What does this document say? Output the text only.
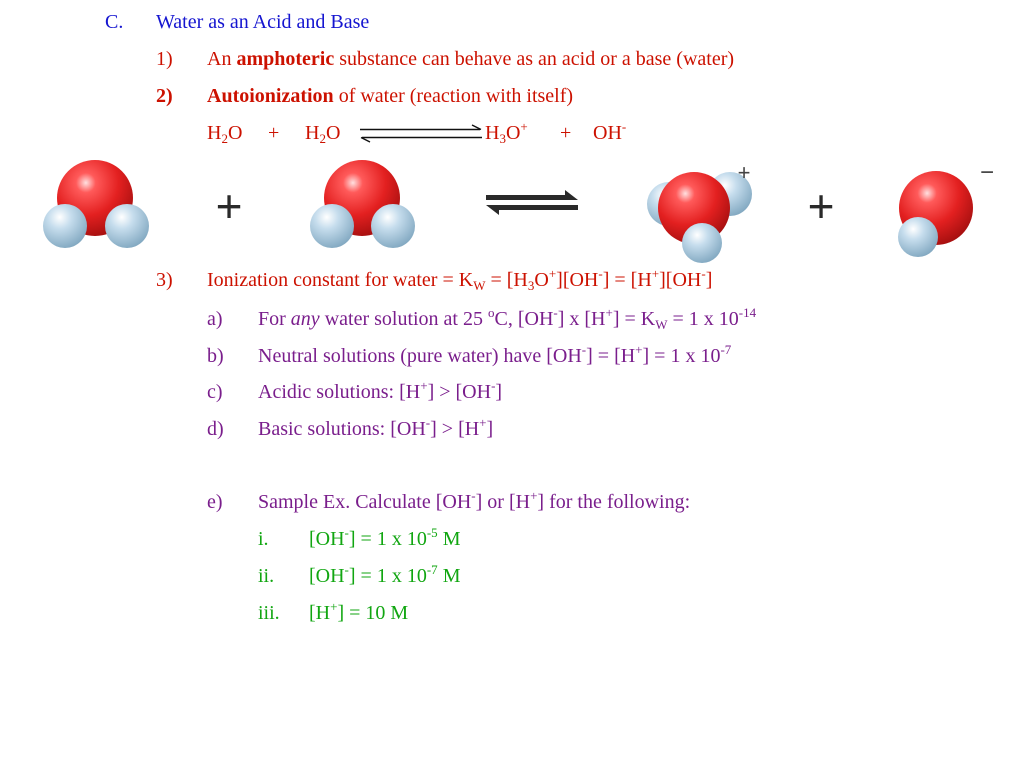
C. Water as an Acid and Base
1) An amphoteric substance can behave as an acid or a base (water)
2) Autoionization of water (reaction with itself)
$H_2O + H_2O$	$H_3O^+ + OH^-$
+
+
+
−
3) Ionization constant for water = $K_W = [H_3O^+][OH^-] = [H^+][OH^-]$
a) For any water solution at 25 $^o$C, [OH-] x $[H^+] = K_W = 1$ x $10^{-14}$
b) Neutral solutions (pure water) have [OH-] = [H+] = 1 x $10^{-7}$
c) Acidic solutions: [H+] > [OH-]
d) Basic solutions: [OH-] > [H+]
e) Sample Ex. Calculate [OH-] or [H+] for the following:
i. [OH-] = 1 x $10^{-5}$ M
ii. [OH-] = 1 x $10^{-7}$ M
iii. [H+] = 10 M
